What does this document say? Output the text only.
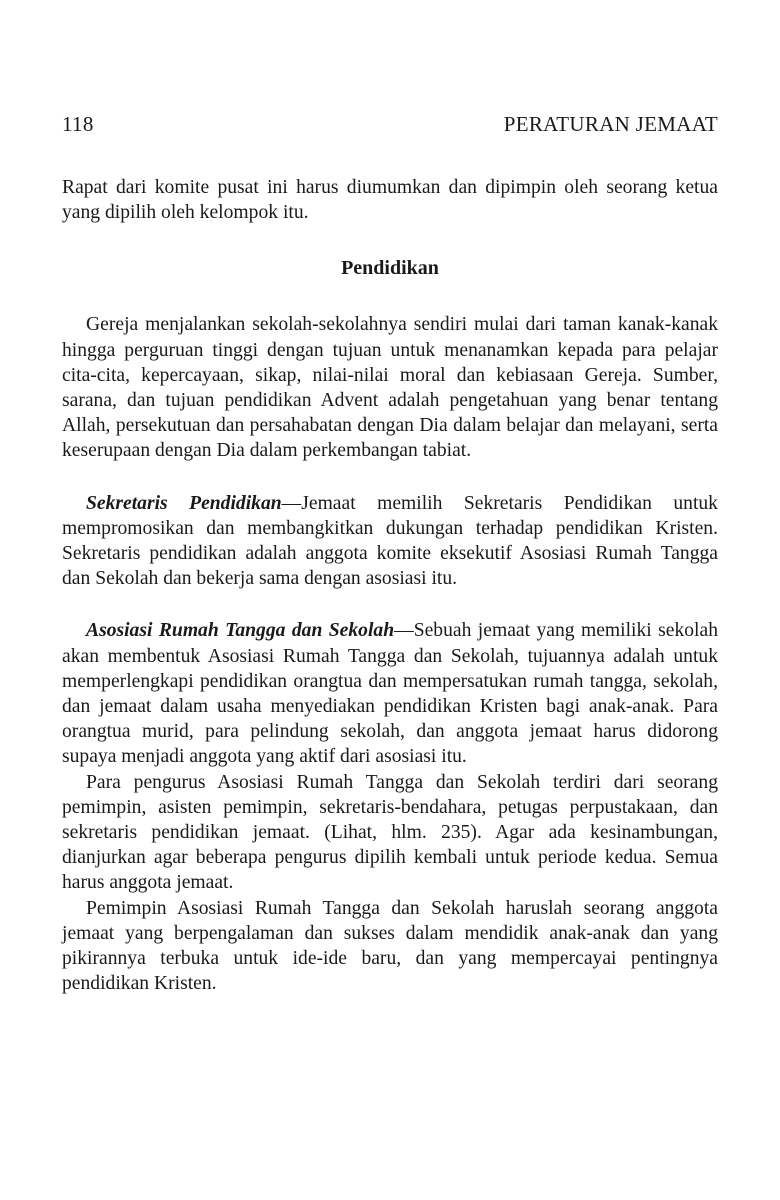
118	PERATURAN JEMAAT

Rapat dari komite pusat ini harus diumumkan dan dipimpin oleh seorang ketua yang dipilih oleh kelompok itu.

Pendidikan

Gereja menjalankan sekolah-sekolahnya sendiri mulai dari taman kanak-kanak hingga perguruan tinggi dengan tujuan untuk menanamkan kepada para pelajar cita-cita, kepercayaan, sikap, nilai-nilai moral dan kebiasaan Gereja. Sumber, sarana, dan tujuan pendidikan Advent adalah pengetahuan yang benar tentang Allah, persekutuan dan persahabatan dengan Dia dalam belajar dan melayani, serta keserupaan dengan Dia dalam perkembangan tabiat.

Sekretaris Pendidikan—Jemaat memilih Sekretaris Pendidikan untuk mempromosikan dan membangkitkan dukungan terhadap pendidikan Kristen. Sekretaris pendidikan adalah anggota komite eksekutif Asosiasi Rumah Tangga dan Sekolah dan bekerja sama dengan asosiasi itu.

Asosiasi Rumah Tangga dan Sekolah—Sebuah jemaat yang memiliki sekolah akan membentuk Asosiasi Rumah Tangga dan Sekolah, tujuannya adalah untuk memperlengkapi pendidikan orangtua dan mempersatukan rumah tangga, sekolah, dan jemaat dalam usaha menyediakan pendidikan Kristen bagi anak-anak. Para orangtua murid, para pelindung sekolah, dan anggota jemaat harus didorong supaya menjadi anggota yang aktif dari asosiasi itu.

Para pengurus Asosiasi Rumah Tangga dan Sekolah terdiri dari seorang pemimpin, asisten pemimpin, sekretaris-bendahara, petugas perpustakaan, dan sekretaris pendidikan jemaat. (Lihat, hlm. 235). Agar ada kesinambungan, dianjurkan agar beberapa pengurus dipilih kembali untuk periode kedua. Semua harus anggota jemaat.

Pemimpin Asosiasi Rumah Tangga dan Sekolah haruslah seorang anggota jemaat yang berpengalaman dan sukses dalam mendidik anak-anak dan yang pikirannya terbuka untuk ide-ide baru, dan yang mempercayai pentingnya pendidikan Kristen.
